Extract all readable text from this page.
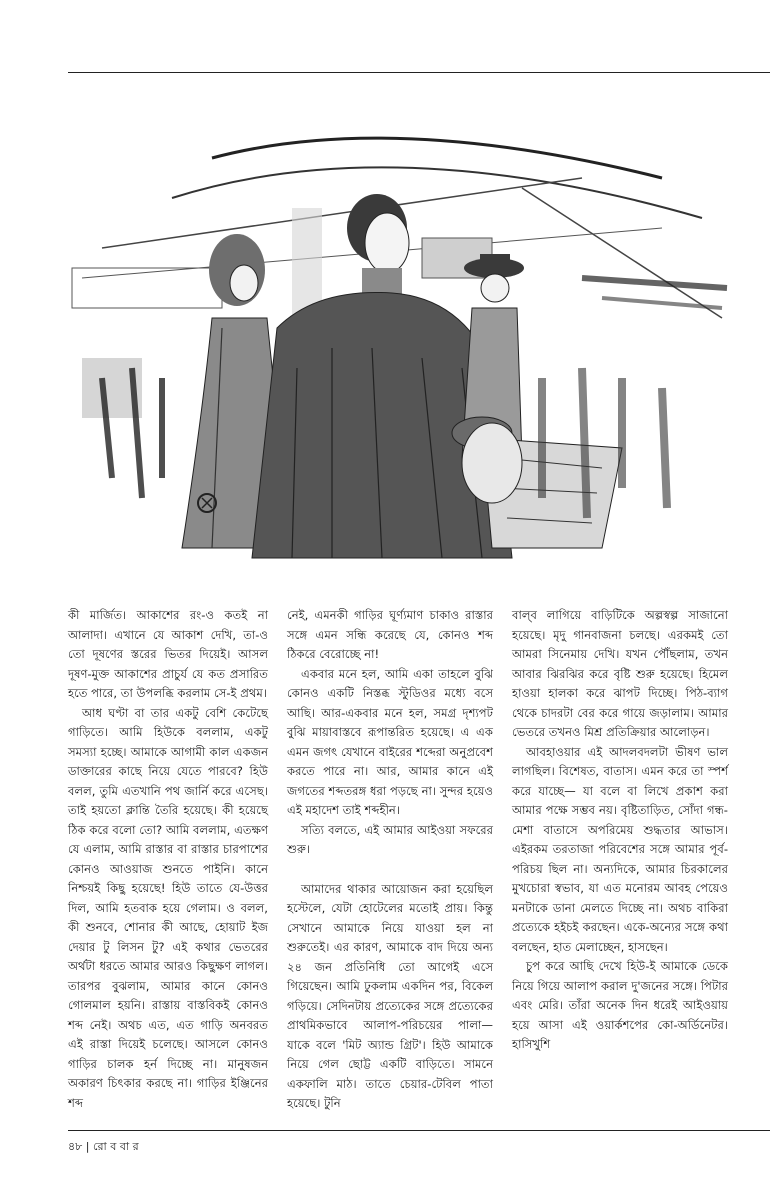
কী মার্জিত। আকাশের রং-ও কতই না আলাদা। এখানে যে আকাশ দেখি, তা-ও তো দূষণের স্তরের ভিতর দিয়েই। আসল দূষণ-মুক্ত আকাশের প্রাচুর্য যে কত প্রসারিত হতে পারে, তা উপলব্ধি করলাম সে-ই প্রথম।

আধ ঘণ্টা বা তার একটু বেশি কেটেছে গাড়িতে। আমি হিউকে বললাম, একটু সমস্যা হচ্ছে। আমাকে আগামী কাল একজন ডাক্তারের কাছে নিয়ে যেতে পারবে? হিউ বলল, তুমি এতখানি পথ জার্নি করে এসেছ। তাই হয়তো ক্লান্তি তৈরি হয়েছে। কী হয়েছে ঠিক করে বলো তো? আমি বললাম, এতক্ষণ যে এলাম, আমি রাস্তার বা রাস্তার চারপাশের কোনও আওয়াজ শুনতে পাইনি। কানে নিশ্চয়ই কিছু হয়েছে! হিউ তাতে যে-উত্তর দিল, আমি হতবাক হয়ে গেলাম। ও বলল, কী শুনবে, শোনার কী আছে, হোয়াট ইজ দেয়ার টু লিসন টু? এই কথার ভেতরের অর্থটা ধরতে আমার আরও কিছুক্ষণ লাগল। তারপর বুঝলাম, আমার কানে কোনও গোলমাল হয়নি। রাস্তায় বাস্তবিকই কোনও শব্দ নেই। অথচ এত, এত গাড়ি অনবরত এই রাস্তা দিয়েই চলেছে। আসলে কোনও গাড়ির চালক হর্ন দিচ্ছে না। মানুষজন অকারণ চিৎকার করছে না। গাড়ির ইঞ্জিনের শব্দ

নেই, এমনকী গাড়ির ঘূর্ণ্যমাণ চাকাও রাস্তার সঙ্গে এমন সন্ধি করেছে যে, কোনও শব্দ ঠিকরে বেরোচ্ছে না!

একবার মনে হল, আমি একা তাহলে বুঝি কোনও একটি নিস্তব্ধ স্টুডিওর মধ্যে বসে আছি। আর-একবার মনে হল, সমগ্র দৃশ্যপট বুঝি মায়াবাস্তবে রূপান্তরিত হয়েছে। এ এক এমন জগৎ যেখানে বাইরের শব্দেরা অনুপ্রবেশ করতে পারে না। আর, আমার কানে এই জগতের শব্দতরঙ্গ ধরা পড়ছে না। সুন্দর হয়েও এই মহাদেশ তাই শব্দহীন।

সত্যি বলতে, এই আমার আইওয়া সফরের শুরু।

আমাদের থাকার আয়োজন করা হয়েছিল হস্টেলে, যেটা হোটেলের মতোই প্রায়। কিন্তু সেখানে আমাকে নিয়ে যাওয়া হল না শুরুতেই। এর কারণ, আমাকে বাদ দিয়ে অন্য ২৪ জন প্রতিনিধি তো আগেই এসে গিয়েছেন। আমি ঢুকলাম একদিন পর, বিকেল গড়িয়ে। সেদিনটায় প্রত্যেকের সঙ্গে প্রত্যেকের প্রাথমিকভাবে আলাপ-পরিচয়ের পালা— যাকে বলে 'মিট অ্যান্ড গ্রিট'। হিউ আমাকে নিয়ে গেল ছোট্ট একটি বাড়িতে। সামনে একফালি মাঠ। তাতে চেয়ার-টেবিল পাতা হয়েছে। টুনি

বাল্‌ব লাগিয়ে বাড়িটিকে অল্পস্বল্প সাজানো হয়েছে। মৃদু গানবাজনা চলছে। এরকমই তো আমরা সিনেমায় দেখি। যখন পৌঁছলাম, তখন আবার ঝিরঝির করে বৃষ্টি শুরু হয়েছে। হিমেল হাওয়া হালকা করে ঝাপট দিচ্ছে। পিঠ-ব্যাগ থেকে চাদরটা বের করে গায়ে জড়ালাম। আমার ভেতরে তখনও মিশ্র প্রতিক্রিয়ার আলোড়ন।

আবহাওয়ার এই আদলবদলটা ভীষণ ভাল লাগছিল। বিশেষত, বাতাস। এমন করে তা স্পর্শ করে যাচ্ছে— যা বলে বা লিখে প্রকাশ করা আমার পক্ষে সম্ভব নয়। বৃষ্টিতাড়িত, সোঁদা গন্ধ-মেশা বাতাসে অপরিমেয় শুদ্ধতার আভাস। এইরকম তরতাজা পরিবেশের সঙ্গে আমার পূর্ব-পরিচয় ছিল না। অন্যদিকে, আমার চিরকালের মুখচোরা স্বভাব, যা এত মনোরম আবহ পেয়েও মনটাকে ডানা মেলতে দিচ্ছে না। অথচ বাকিরা প্রত্যেকে হইচই করছেন। একে-অন্যের সঙ্গে কথা বলছেন, হাত মেলাচ্ছেন, হাসছেন।

চুপ করে আছি দেখে হিউ-ই আমাকে ডেকে নিয়ে গিয়ে আলাপ করাল দু'জনের সঙ্গে। পিটার এবং মেরি। তাঁরা অনেক দিন ধরেই আইওয়ায় হয়ে আসা এই ওয়ার্কশপের কো-অর্ডিনেটর। হাসিখুশি

৪৮ | রো ব বা র
